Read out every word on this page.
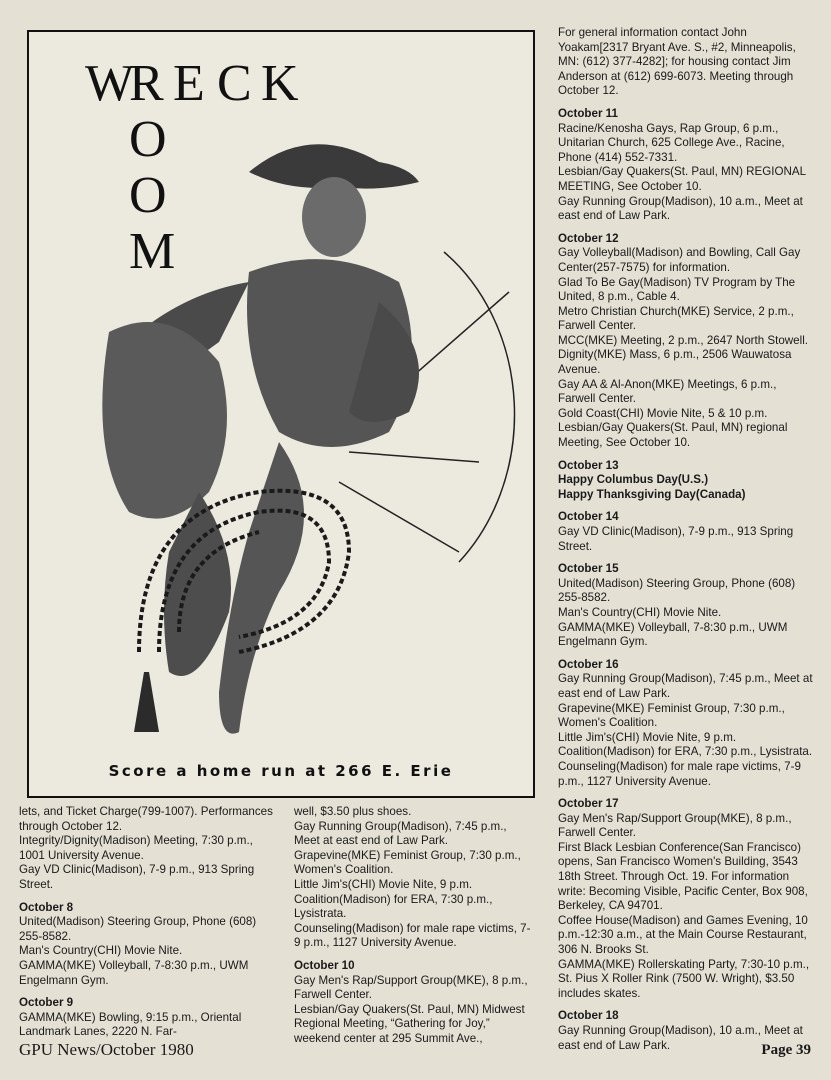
W
R E C K
O
O
M
Score a home run at 266 E. Erie

lets, and Ticket Charge(799-1007). Performances through October 12.

Integrity/Dignity(Madison) Meeting, 7:30 p.m., 1001 University Avenue.

Gay VD Clinic(Madison), 7-9 p.m., 913 Spring Street.

October 8

United(Madison) Steering Group, Phone (608) 255-8582.

Man's Country(CHI) Movie Nite.

GAMMA(MKE) Volleyball, 7-8:30 p.m., UWM Engelmann Gym.

October 9

GAMMA(MKE) Bowling, 9:15 p.m., Oriental Landmark Lanes, 2220 N. Far-

well, $3.50 plus shoes.

Gay Running Group(Madison), 7:45 p.m., Meet at east end of Law Park.

Grapevine(MKE) Feminist Group, 7:30 p.m., Women's Coalition.

Little Jim's(CHI) Movie Nite, 9 p.m. Coalition(Madison) for ERA, 7:30 p.m., Lysistrata.

Counseling(Madison) for male rape victims, 7-9 p.m., 1127 University Avenue.

October 10

Gay Men's Rap/Support Group(MKE), 8 p.m., Farwell Center.

Lesbian/Gay Quakers(St. Paul, MN) Midwest Regional Meeting, “Gathering for Joy,” weekend center at 295 Summit Ave.,

For general information contact John Yoakam[2317 Bryant Ave. S., #2, Minneapolis, MN: (612) 377-4282]; for housing contact Jim Anderson at (612) 699-6073. Meeting through October 12.

October 11

Racine/Kenosha Gays, Rap Group, 6 p.m., Unitarian Church, 625 College Ave., Racine, Phone (414) 552-7331.

Lesbian/Gay Quakers(St. Paul, MN) REGIONAL MEETING, See October 10.

Gay Running Group(Madison), 10 a.m., Meet at east end of Law Park.

October 12

Gay Volleyball(Madison) and Bowling, Call Gay Center(257-7575) for information.

Glad To Be Gay(Madison) TV Program by The United, 8 p.m., Cable 4.

Metro Christian Church(MKE) Service, 2 p.m., Farwell Center.

MCC(MKE) Meeting, 2 p.m., 2647 North Stowell.

Dignity(MKE) Mass, 6 p.m., 2506 Wauwatosa Avenue.

Gay AA & Al-Anon(MKE) Meetings, 6 p.m., Farwell Center.

Gold Coast(CHI) Movie Nite, 5 & 10 p.m.

Lesbian/Gay Quakers(St. Paul, MN) regional Meeting, See October 10.

October 13

Happy Columbus Day(U.S.)

Happy Thanksgiving Day(Canada)

October 14

Gay VD Clinic(Madison), 7-9 p.m., 913 Spring Street.

October 15

United(Madison) Steering Group, Phone (608) 255-8582.

Man's Country(CHI) Movie Nite.

GAMMA(MKE) Volleyball, 7-8:30 p.m., UWM Engelmann Gym.

October 16

Gay Running Group(Madison), 7:45 p.m., Meet at east end of Law Park.

Grapevine(MKE) Feminist Group, 7:30 p.m., Women's Coalition.

Little Jim's(CHI) Movie Nite, 9 p.m. Coalition(Madison) for ERA, 7:30 p.m., Lysistrata.

Counseling(Madison) for male rape victims, 7-9 p.m., 1127 University Avenue.

October 17

Gay Men's Rap/Support Group(MKE), 8 p.m., Farwell Center.

First Black Lesbian Conference(San Francisco) opens, San Francisco Women's Building, 3543 18th Street. Through Oct. 19. For information write: Becoming Visible, Pacific Center, Box 908, Berkeley, CA 94701.

Coffee House(Madison) and Games Evening, 10 p.m.-12:30 a.m., at the Main Course Restaurant, 306 N. Brooks St.

GAMMA(MKE) Rollerskating Party, 7:30-10 p.m., St. Pius X Roller Rink (7500 W. Wright), $3.50 includes skates.

October 18

Gay Running Group(Madison), 10 a.m., Meet at east end of Law Park.

GPU News/October 1980	Page 39
